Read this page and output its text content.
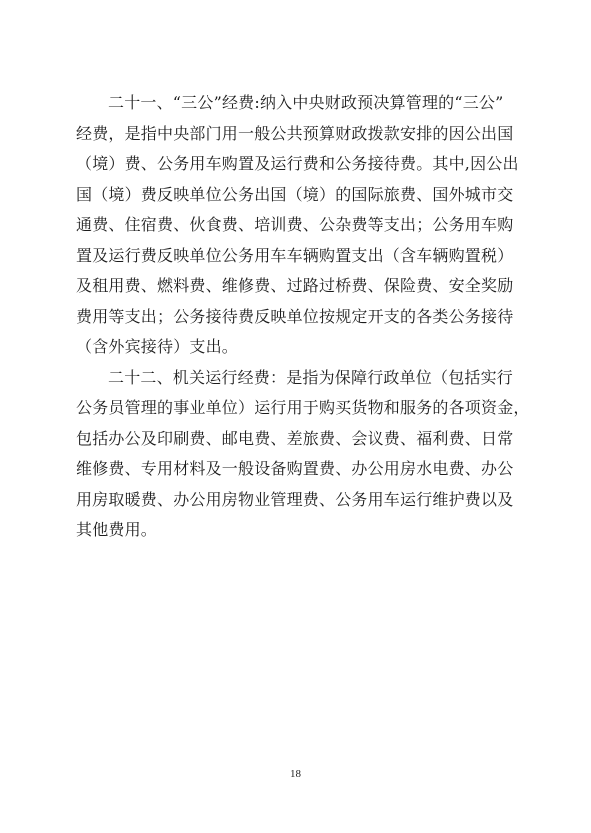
二十一、“三公”经费:纳入中央财政预决算管理的“三公”
经费，是指中央部门用一般公共预算财政拨款安排的因公出国
（境）费、公务用车购置及运行费和公务接待费。其中,因公出
国（境）费反映单位公务出国（境）的国际旅费、国外城市交
通费、住宿费、伙食费、培训费、公杂费等支出；公务用车购
置及运行费反映单位公务用车车辆购置支出（含车辆购置税）
及租用费、燃料费、维修费、过路过桥费、保险费、安全奖励
费用等支出；公务接待费反映单位按规定开支的各类公务接待
（含外宾接待）支出。
二十二、机关运行经费：是指为保障行政单位（包括实行
公务员管理的事业单位）运行用于购买货物和服务的各项资金，
包括办公及印刷费、邮电费、差旅费、会议费、福利费、日常
维修费、专用材料及一般设备购置费、办公用房水电费、办公
用房取暖费、办公用房物业管理费、公务用车运行维护费以及
其他费用。
18
